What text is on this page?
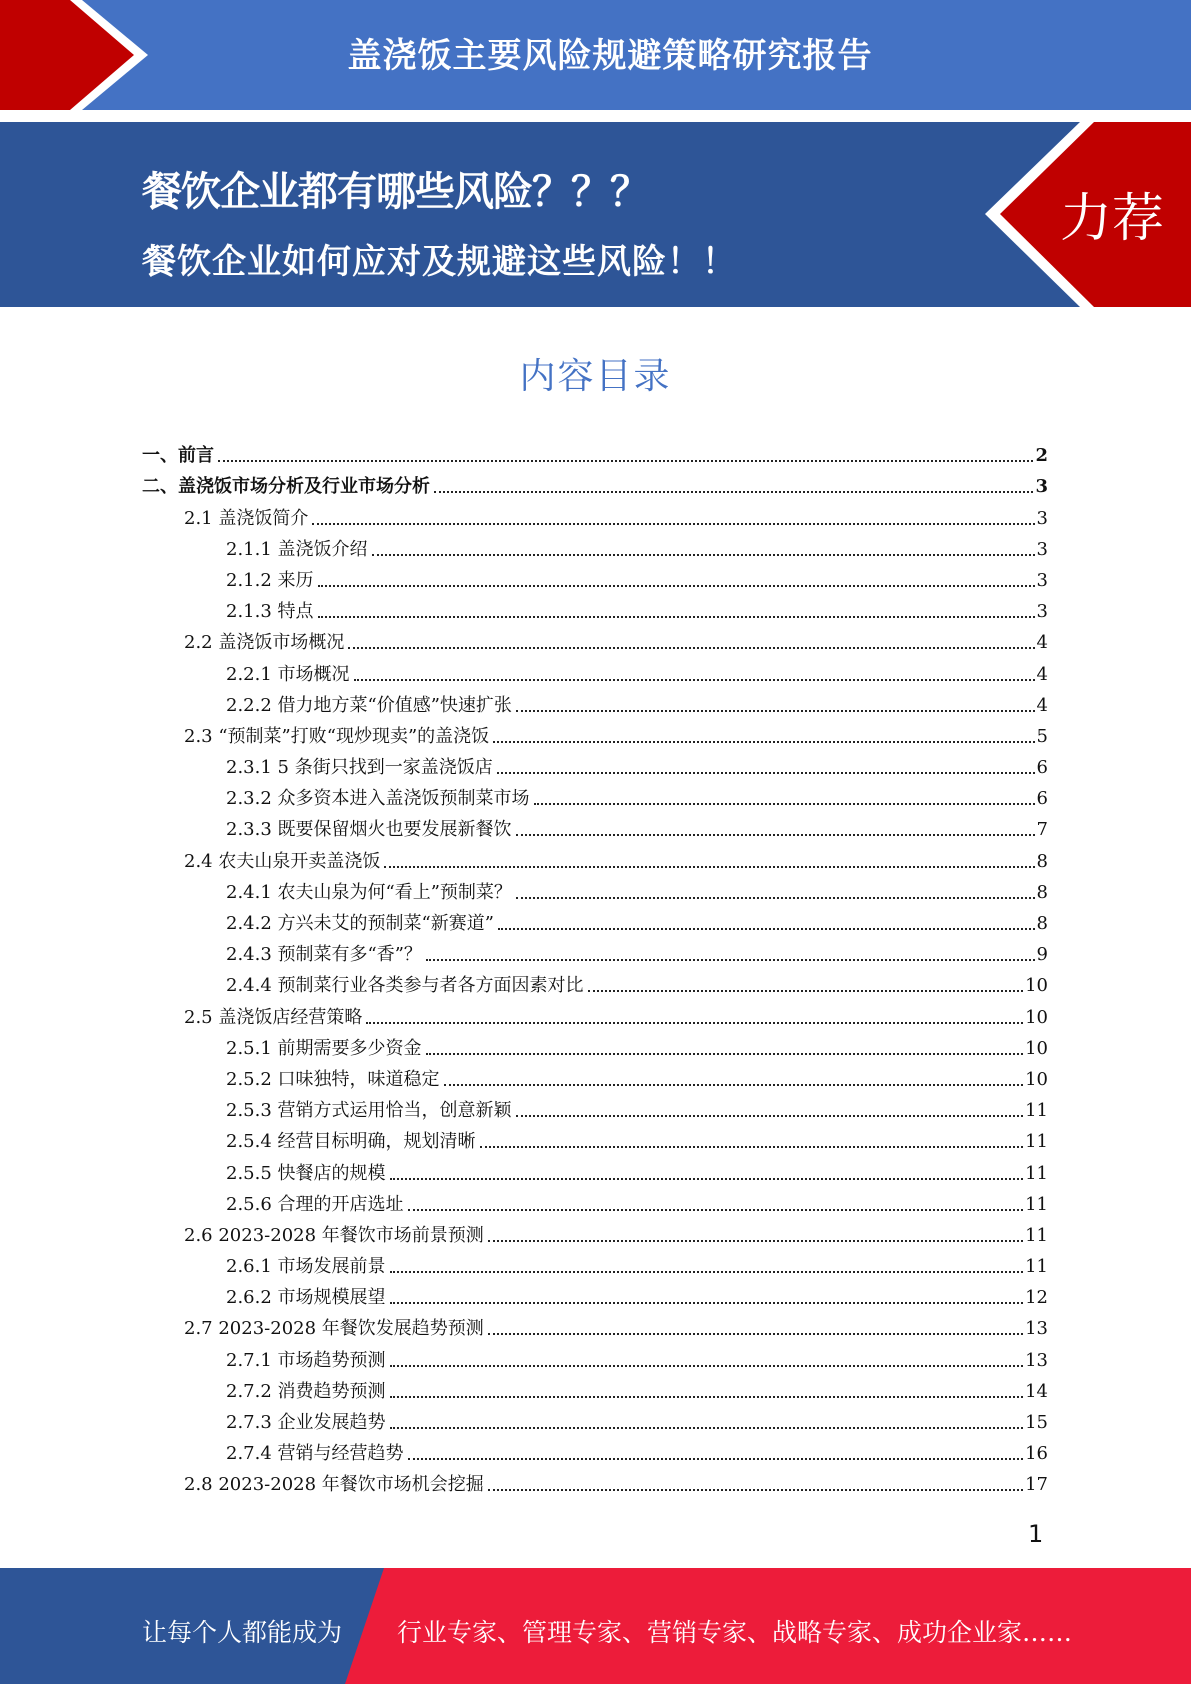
盖浇饭主要风险规避策略研究报告
餐饮企业都有哪些风险？？？
餐饮企业如何应对及规避这些风险！！
力荐
内容目录
一、前言	2
二、盖浇饭市场分析及行业市场分析	3
2.1 盖浇饭简介	3
2.1.1 盖浇饭介绍	3
2.1.2 来历	3
2.1.3 特点	3
2.2 盖浇饭市场概况	4
2.2.1 市场概况	4
2.2.2 借力地方菜“价值感”快速扩张	4
2.3 “预制菜”打败“现炒现卖”的盖浇饭	5
2.3.1 5 条街只找到一家盖浇饭店	6
2.3.2 众多资本进入盖浇饭预制菜市场	6
2.3.3 既要保留烟火也要发展新餐饮	7
2.4 农夫山泉开卖盖浇饭	8
2.4.1 农夫山泉为何“看上”预制菜？	8
2.4.2 方兴未艾的预制菜“新赛道”	8
2.4.3 预制菜有多“香”？	9
2.4.4 预制菜行业各类参与者各方面因素对比	10
2.5 盖浇饭店经营策略	10
2.5.1 前期需要多少资金	10
2.5.2 口味独特，味道稳定	10
2.5.3 营销方式运用恰当，创意新颖	11
2.5.4 经营目标明确，规划清晰	11
2.5.5 快餐店的规模	11
2.5.6 合理的开店选址	11
2.6 2023-2028 年餐饮市场前景预测	11
2.6.1 市场发展前景	11
2.6.2 市场规模展望	12
2.7 2023-2028 年餐饮发展趋势预测	13
2.7.1 市场趋势预测	13
2.7.2 消费趋势预测	14
2.7.3 企业发展趋势	15
2.7.4 营销与经营趋势	16
2.8 2023-2028 年餐饮市场机会挖掘	17
1
让每个人都能成为 行业专家、管理专家、营销专家、战略专家、成功企业家……
